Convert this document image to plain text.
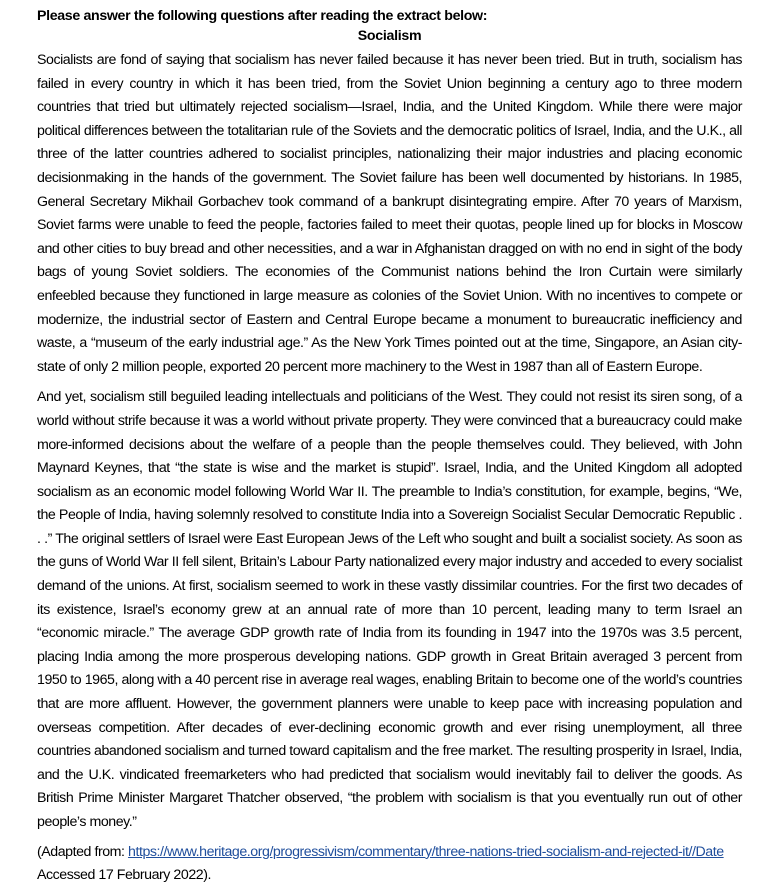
Please answer the following questions after reading the extract below:

Socialism

Socialists are fond of saying that socialism has never failed because it has never been tried. But in truth, socialism has failed in every country in which it has been tried, from the Soviet Union beginning a century ago to three modern countries that tried but ultimately rejected socialism—Israel, India, and the United Kingdom. While there were major political differences between the totalitarian rule of the Soviets and the democratic politics of Israel, India, and the U.K., all three of the latter countries adhered to socialist principles, nationalizing their major industries and placing economic decisionmaking in the hands of the government. The Soviet failure has been well documented by historians. In 1985, General Secretary Mikhail Gorbachev took command of a bankrupt disintegrating empire. After 70 years of Marxism, Soviet farms were unable to feed the people, factories failed to meet their quotas, people lined up for blocks in Moscow and other cities to buy bread and other necessities, and a war in Afghanistan dragged on with no end in sight of the body bags of young Soviet soldiers. The economies of the Communist nations behind the Iron Curtain were similarly enfeebled because they functioned in large measure as colonies of the Soviet Union. With no incentives to compete or modernize, the industrial sector of Eastern and Central Europe became a monument to bureaucratic inefficiency and waste, a “museum of the early industrial age.” As the New York Times pointed out at the time, Singapore, an Asian city-state of only 2 million people, exported 20 percent more machinery to the West in 1987 than all of Eastern Europe.

And yet, socialism still beguiled leading intellectuals and politicians of the West. They could not resist its siren song, of a world without strife because it was a world without private property. They were convinced that a bureaucracy could make more-informed decisions about the welfare of a people than the people themselves could. They believed, with John Maynard Keynes, that “the state is wise and the market is stupid”. Israel, India, and the United Kingdom all adopted socialism as an economic model following World War II. The preamble to India’s constitution, for example, begins, “We, the People of India, having solemnly resolved to constitute India into a Sovereign Socialist Secular Democratic Republic . . .” The original settlers of Israel were East European Jews of the Left who sought and built a socialist society. As soon as the guns of World War II fell silent, Britain’s Labour Party nationalized every major industry and acceded to every socialist demand of the unions. At first, socialism seemed to work in these vastly dissimilar countries. For the first two decades of its existence, Israel’s economy grew at an annual rate of more than 10 percent, leading many to term Israel an “economic miracle.” The average GDP growth rate of India from its founding in 1947 into the 1970s was 3.5 percent, placing India among the more prosperous developing nations. GDP growth in Great Britain averaged 3 percent from 1950 to 1965, along with a 40 percent rise in average real wages, enabling Britain to become one of the world’s countries that are more affluent. However, the government planners were unable to keep pace with increasing population and overseas competition. After decades of ever-declining economic growth and ever rising unemployment, all three countries abandoned socialism and turned toward capitalism and the free market. The resulting prosperity in Israel, India, and the U.K. vindicated freemarketers who had predicted that socialism would inevitably fail to deliver the goods. As British Prime Minister Margaret Thatcher observed, “the problem with socialism is that you eventually run out of other people’s money.”

(Adapted from: https://www.heritage.org/progressivism/commentary/three-nations-tried-socialism-and-rejected-it//Date
Accessed 17 February 2022).
